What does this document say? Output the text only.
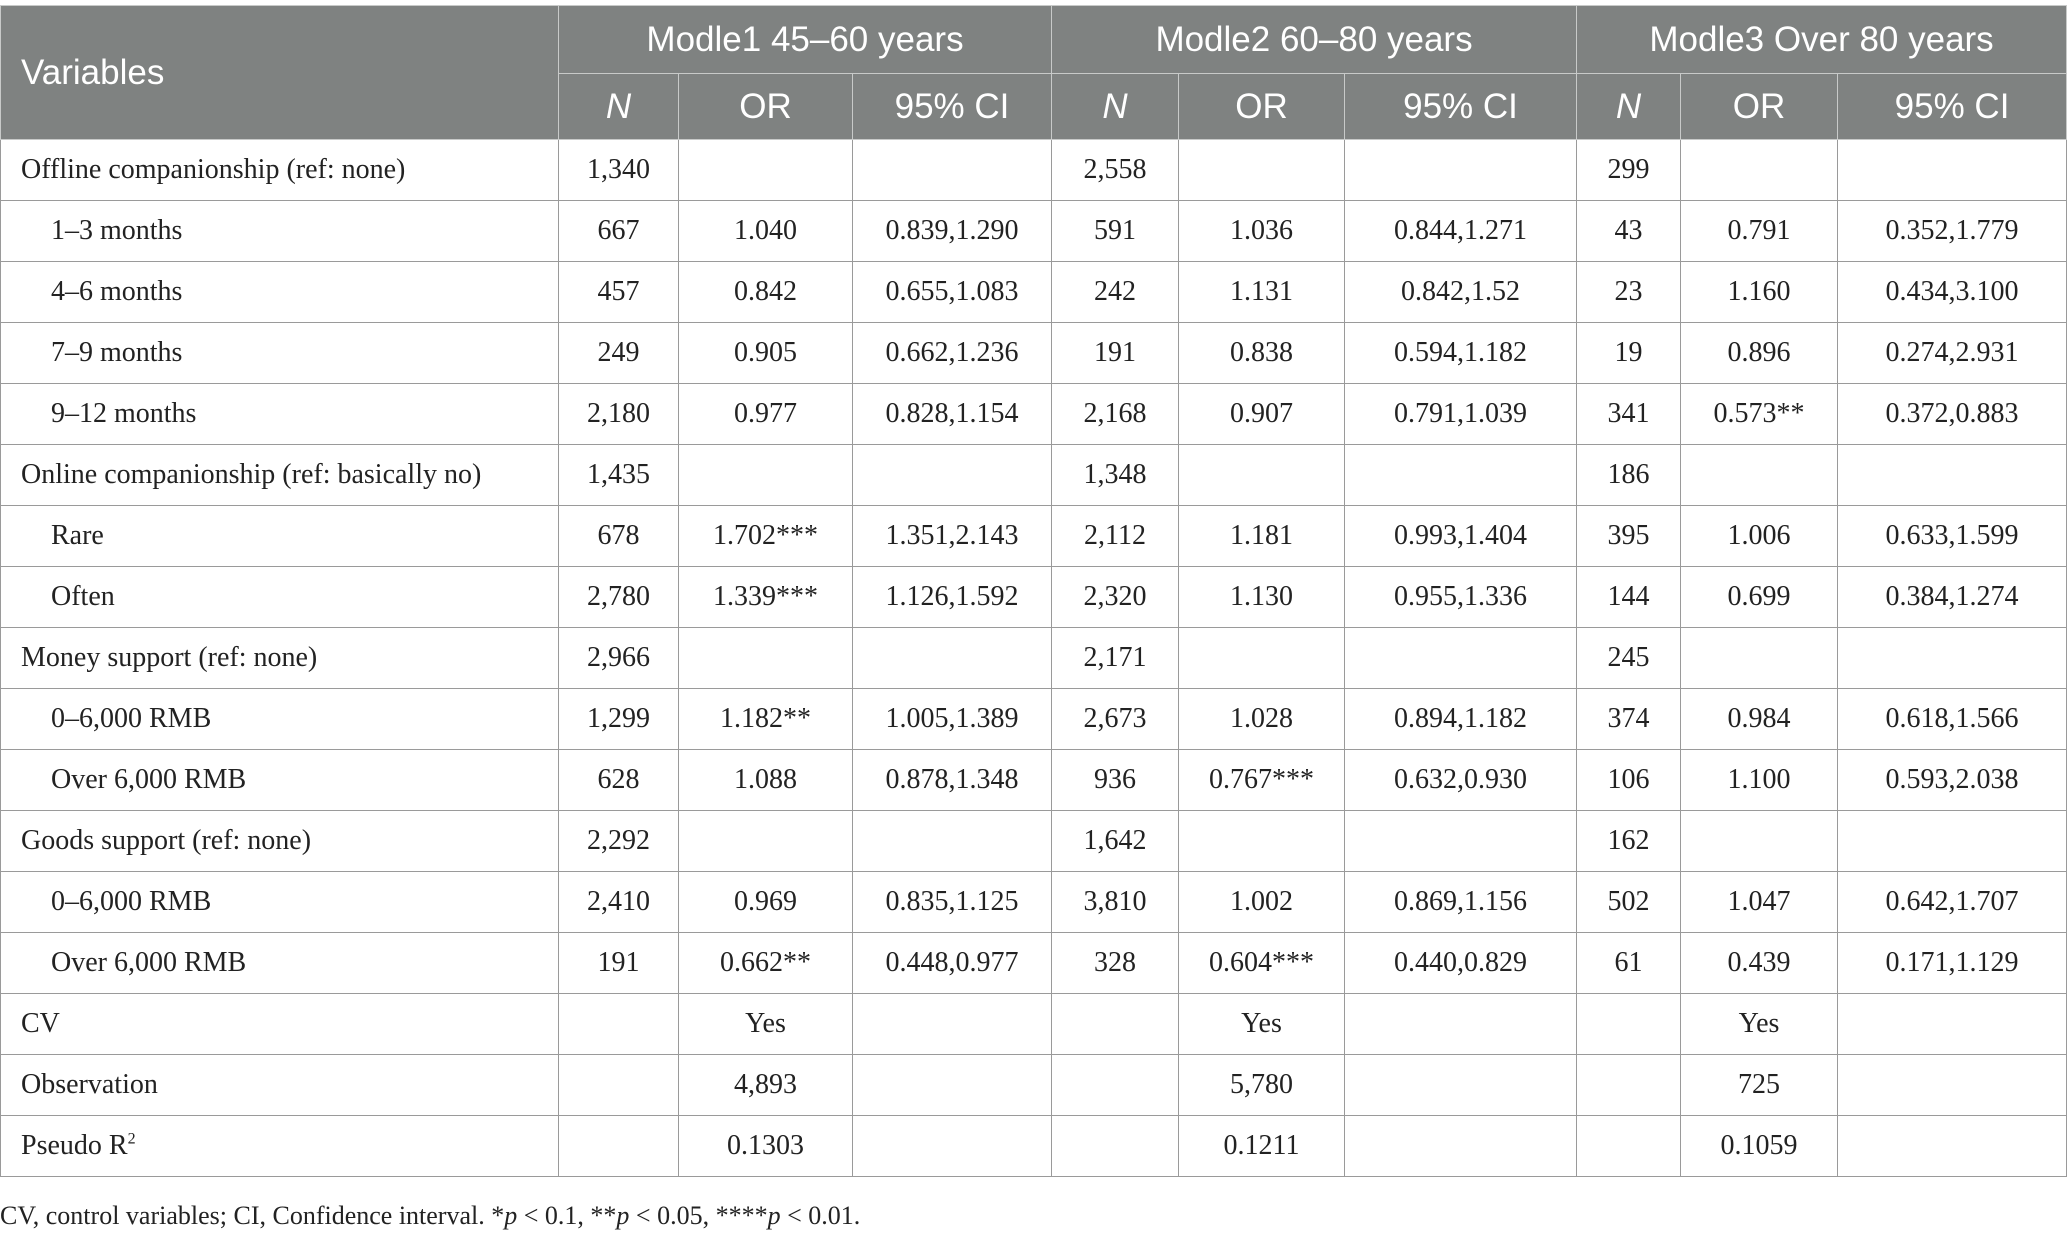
Variables	Modle1 45–60 years			Modle2 60–80 years			Modle3 Over 80 years		
	N	OR	95% CI	N	OR	95% CI	N	OR	95% CI
Offline companionship (ref: none)	1,340			2,558			299		
1–3 months	667	1.040	0.839,1.290	591	1.036	0.844,1.271	43	0.791	0.352,1.779
4–6 months	457	0.842	0.655,1.083	242	1.131	0.842,1.52	23	1.160	0.434,3.100
7–9 months	249	0.905	0.662,1.236	191	0.838	0.594,1.182	19	0.896	0.274,2.931
9–12 months	2,180	0.977	0.828,1.154	2,168	0.907	0.791,1.039	341	0.573**	0.372,0.883
Online companionship (ref: basically no)	1,435			1,348			186		
Rare	678	1.702***	1.351,2.143	2,112	1.181	0.993,1.404	395	1.006	0.633,1.599
Often	2,780	1.339***	1.126,1.592	2,320	1.130	0.955,1.336	144	0.699	0.384,1.274
Money support (ref: none)	2,966			2,171			245		
0–6,000 RMB	1,299	1.182**	1.005,1.389	2,673	1.028	0.894,1.182	374	0.984	0.618,1.566
Over 6,000 RMB	628	1.088	0.878,1.348	936	0.767***	0.632,0.930	106	1.100	0.593,2.038
Goods support (ref: none)	2,292			1,642			162		
0–6,000 RMB	2,410	0.969	0.835,1.125	3,810	1.002	0.869,1.156	502	1.047	0.642,1.707
Over 6,000 RMB	191	0.662**	0.448,0.977	328	0.604***	0.440,0.829	61	0.439	0.171,1.129
CV		Yes			Yes			Yes	
Observation		4,893			5,780			725	
Pseudo $R^2$		0.1303			0.1211			0.1059	
CV, control variables; CI, Confidence interval. *p < 0.1, **p < 0.05, ****p < 0.01.
